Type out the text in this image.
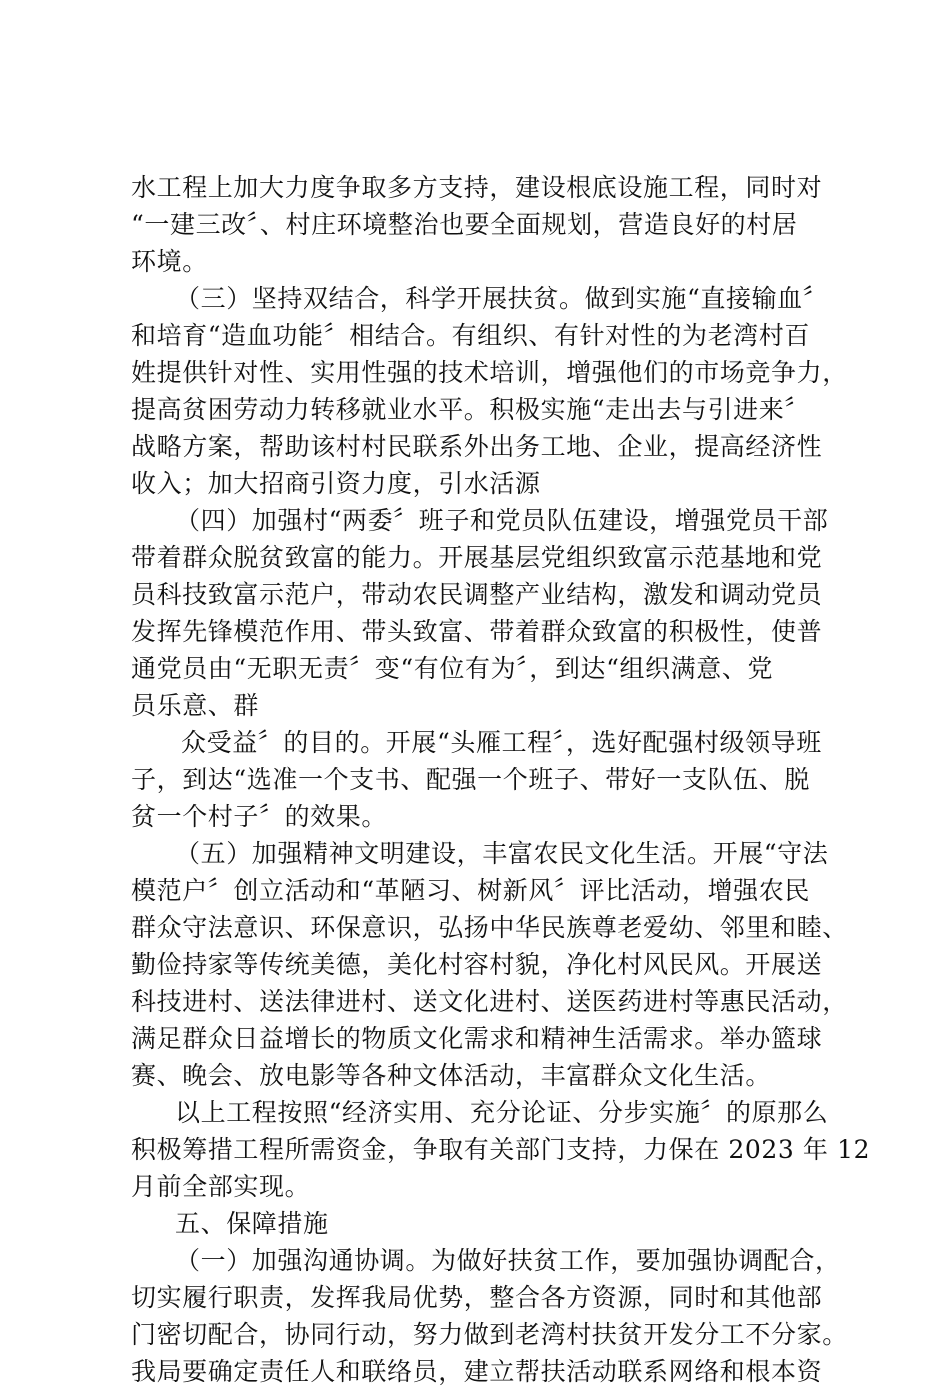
水工程上加大力度争取多方支持，建设根底设施工程，同时对
“一建三改〞、村庄环境整治也要全面规划，营造良好的村居
环境。
（三）坚持双结合，科学开展扶贫。做到实施“直接输血〞
和培育“造血功能〞相结合。有组织、有针对性的为老湾村百
姓提供针对性、实用性强的技术培训，增强他们的市场竞争力，
提高贫困劳动力转移就业水平。积极实施“走出去与引进来〞
战略方案，帮助该村村民联系外出务工地、企业，提高经济性
收入；加大招商引资力度，引水活源
（四）加强村“两委〞班子和党员队伍建设，增强党员干部
带着群众脱贫致富的能力。开展基层党组织致富示范基地和党
员科技致富示范户，带动农民调整产业结构，激发和调动党员
发挥先锋模范作用、带头致富、带着群众致富的积极性，使普
通党员由“无职无责〞变“有位有为〞，到达“组织满意、党
员乐意、群
众受益〞的目的。开展“头雁工程〞，选好配强村级领导班
子，到达“选准一个支书、配强一个班子、带好一支队伍、脱
贫一个村子〞的效果。
（五）加强精神文明建设，丰富农民文化生活。开展“守法
模范户〞创立活动和“革陋习、树新风〞评比活动，增强农民
群众守法意识、环保意识，弘扬中华民族尊老爱幼、邻里和睦、
勤俭持家等传统美德，美化村容村貌，净化村风民风。开展送
科技进村、送法律进村、送文化进村、送医药进村等惠民活动，
满足群众日益增长的物质文化需求和精神生活需求。举办篮球
赛、晚会、放电影等各种文体活动，丰富群众文化生活。
以上工程按照“经济实用、充分论证、分步实施〞的原那么
积极筹措工程所需资金，争取有关部门支持，力保在 2023 年 12
月前全部实现。
五、保障措施
（一）加强沟通协调。为做好扶贫工作，要加强协调配合，
切实履行职责，发挥我局优势，整合各方资源，同时和其他部
门密切配合，协同行动，努力做到老湾村扶贫开发分工不分家。
我局要确定责任人和联络员，建立帮扶活动联系网络和根本资
